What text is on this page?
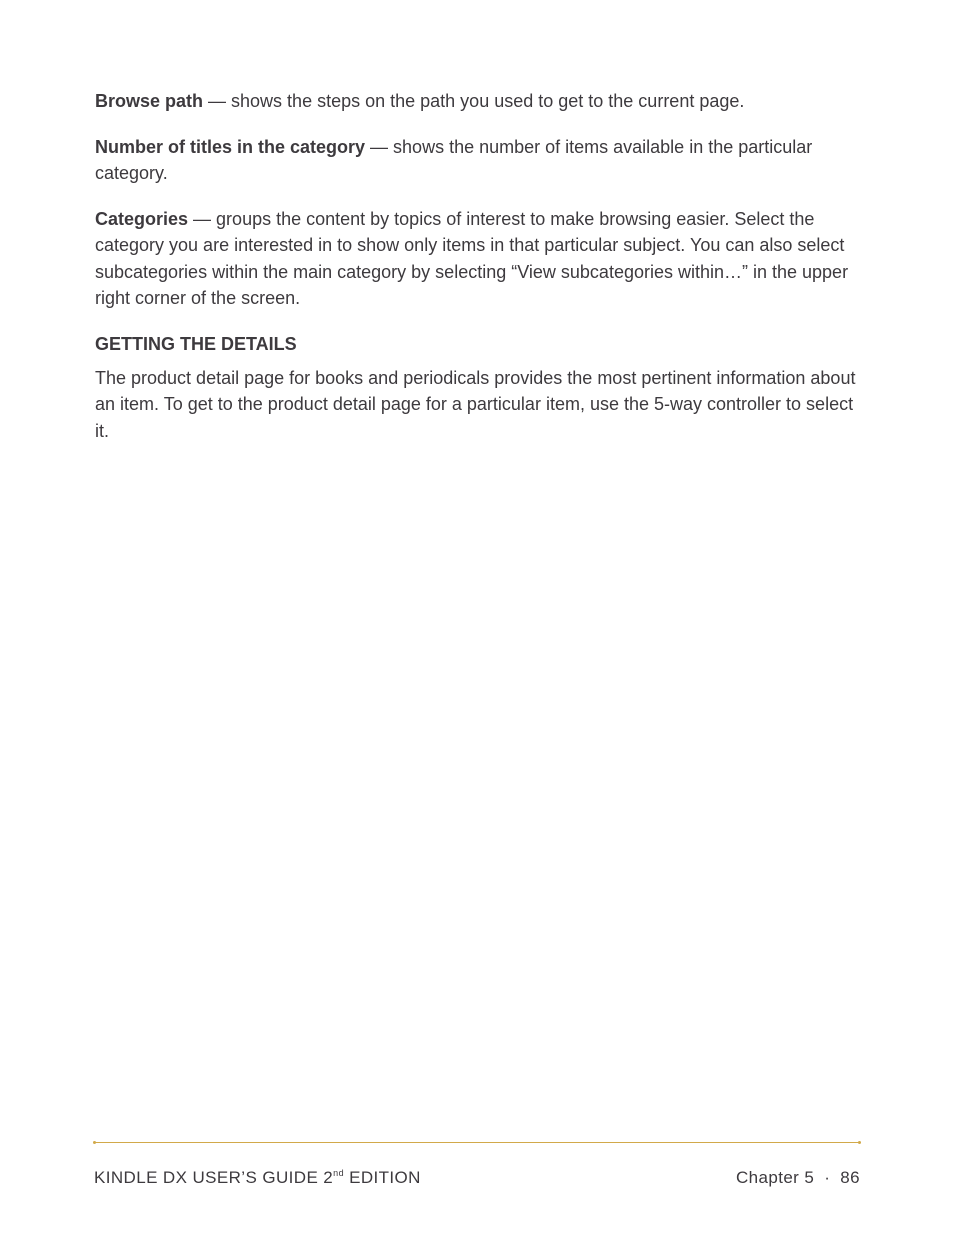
Browse path — shows the steps on the path you used to get to the current page.

Number of titles in the category — shows the number of items available in the particular category.

Categories — groups the content by topics of interest to make browsing easier. Select the category you are interested in to show only items in that particular subject. You can also select subcategories within the main category by selecting “View subcategories within…” in the upper right corner of the screen.

GETTING THE DETAILS

The product detail page for books and periodicals provides the most pertinent information about an item. To get to the product detail page for a particular item, use the 5-way controller to select it.

KINDLE DX USER’S GUIDE 2nd EDITION	Chapter 5 · 86
